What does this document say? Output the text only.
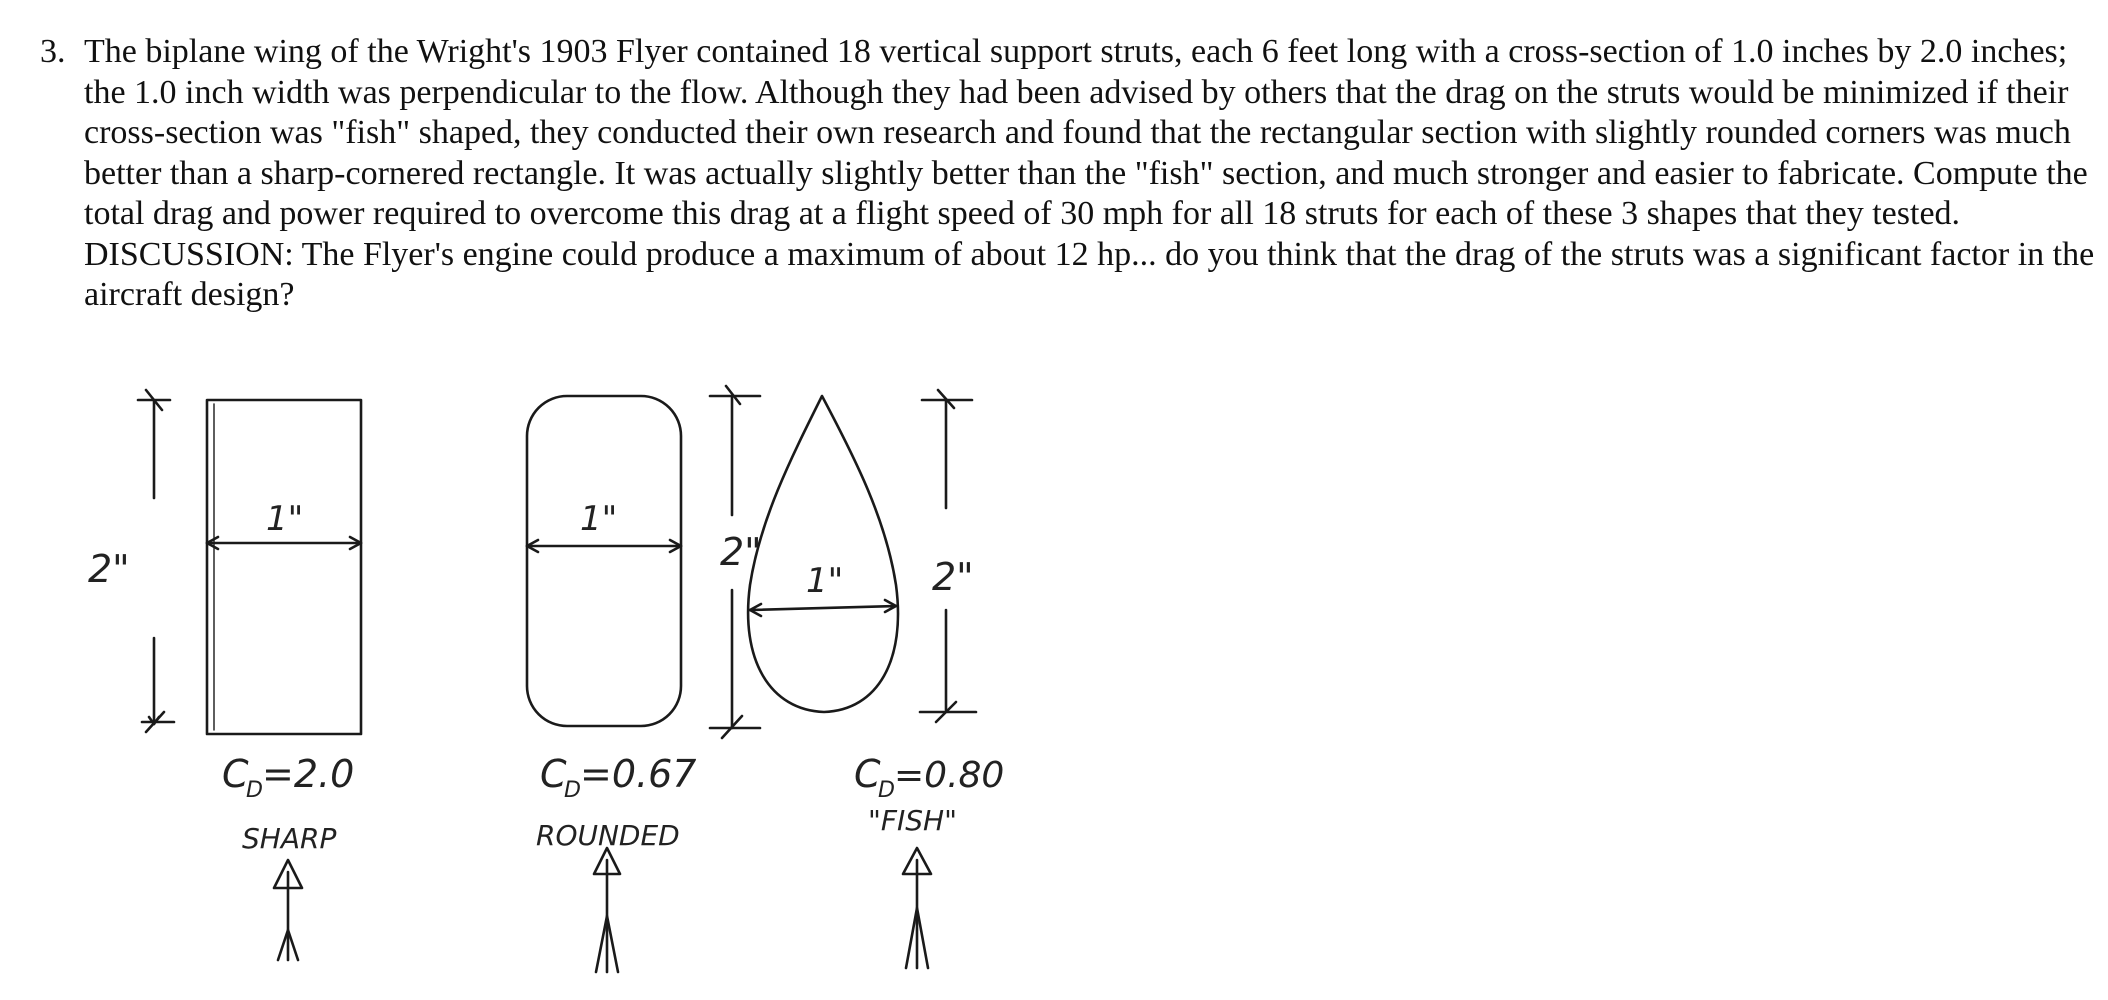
3. The biplane wing of the Wright's 1903 Flyer contained 18 vertical support struts, each 6 feet long with a cross-section of 1.0 inches by 2.0 inches; the 1.0 inch width was perpendicular to the flow. Although they had been advised by others that the drag on the struts would be minimized if their cross-section was "fish" shaped, they conducted their own research and found that the rectangular section with slightly rounded corners was much better than a sharp-cornered rectangle. It was actually slightly better than the "fish" section, and much stronger and easier to fabricate. Compute the total drag and power required to overcome this drag at a flight speed of 30 mph for all 18 struts for each of these 3 shapes that they tested.

DISCUSSION: The Flyer's engine could produce a maximum of about 12 hp... do you think that the drag of the struts was a significant factor in the aircraft design?

1"
2"
C
D =2.0
SHARP
1"
2"
C
D =0.67
ROUNDED
1" 2"
C
D =0.80
"FISH"
